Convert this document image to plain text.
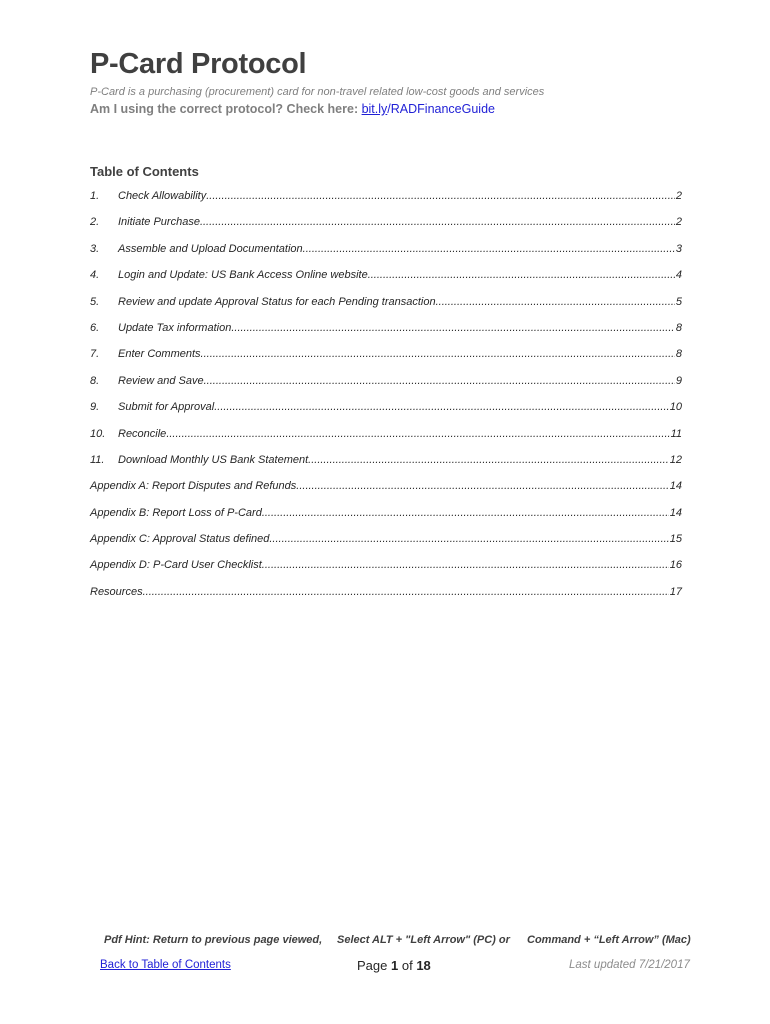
P-Card Protocol
P-Card is a purchasing (procurement) card for non-travel related low-cost goods and services
Am I using the correct protocol? Check here: bit.ly/RADFinanceGuide
Table of Contents
1.	Check Allowability .....	2
2.	Initiate Purchase .....	2
3.	Assemble and Upload Documentation .....	3
4.	Login and Update: US Bank Access Online website .....	4
5.	Review and update Approval Status for each Pending transaction .....	5
6.	Update Tax information .....	8
7.	Enter Comments .....	8
8.	Review and Save .....	9
9.	Submit for Approval .....	10
10.	Reconcile .....	11
11.	Download Monthly US Bank Statement .....	12
Appendix A: Report Disputes and Refunds .....	14
Appendix B: Report Loss of P-Card .....	14
Appendix C: Approval Status defined .....	15
Appendix D: P-Card User Checklist .....	16
Resources .....	17
Pdf Hint: Return to previous page viewed, Select ALT + "Left Arrow" (PC) or Command + “Left Arrow” (Mac)
Back to Table of Contents	Page 1 of 18	Last updated 7/21/2017
